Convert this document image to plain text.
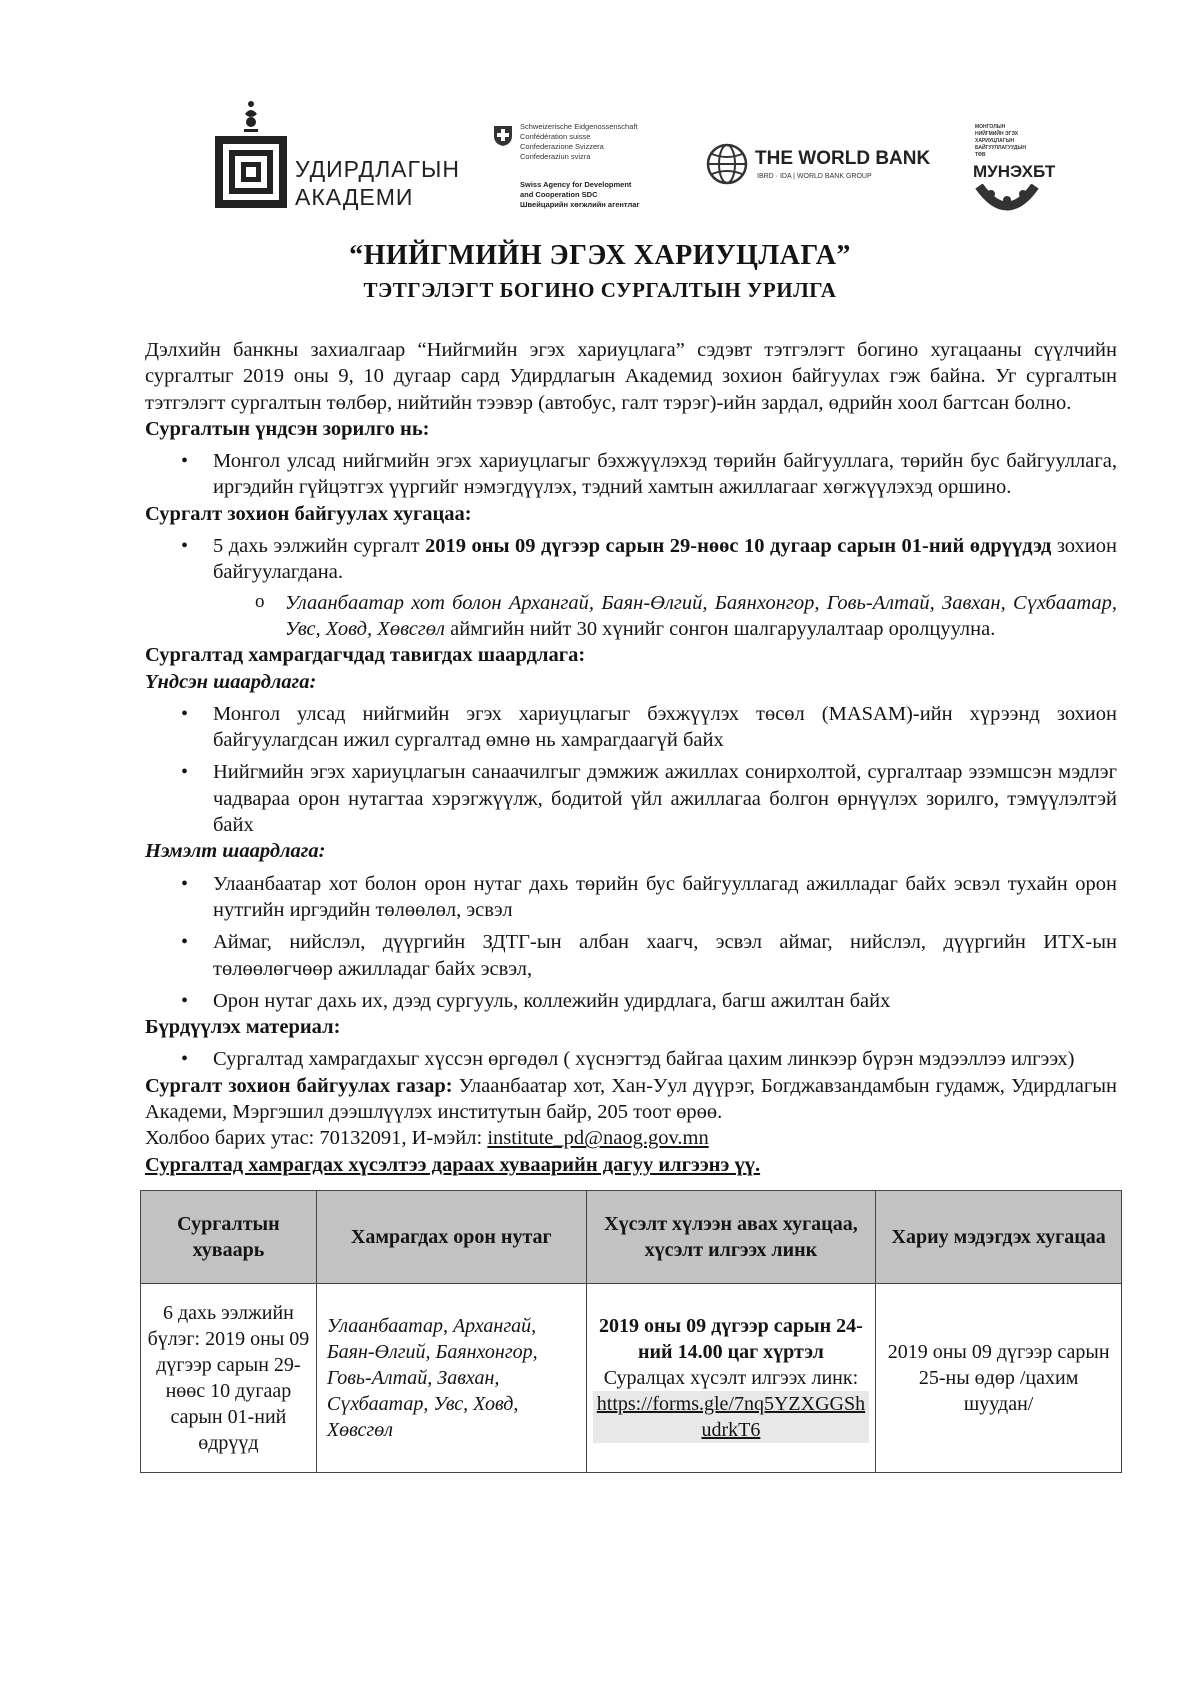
УДИРДЛАГЫН
АКАДЕМИ
Schweizerische Eidgenossenschaft
Confédération suisse
Confederazione Svizzera
Confederaziun svizra
Swiss Agency for Development
and Cooperation SDC
Швейцарийн хөгжлийн агентлаг
THE WORLD BANK
IBRD · IDA | WORLD BANK GROUP
МОНГОЛЫН
НИЙГМИЙН ЭГЭХ
ХАРИУЦЛАГЫН
БАЙГУУЛЛАГУУДЫН
ТӨВ
МУНЭХБТ
“НИЙГМИЙН ЭГЭХ ХАРИУЦЛАГА”
ТЭТГЭЛЭГТ БОГИНО СУРГАЛТЫН УРИЛГА

Дэлхийн банкны захиалгаар “Нийгмийн эгэх хариуцлага” сэдэвт тэтгэлэгт богино хугацааны сүүлчийн сургалтыг 2019 оны 9, 10 дугаар сард Удирдлагын Академид зохион байгуулах гэж байна. Уг сургалтын тэтгэлэгт сургалтын төлбөр, нийтийн тээвэр (автобус, галт тэрэг)-ийн зардал, өдрийн хоол багтсан болно.

Сургалтын үндсэн зорилго нь:

• Монгол улсад нийгмийн эгэх хариуцлагыг бэхжүүлэхэд төрийн байгууллага, төрийн бус байгууллага, иргэдийн гүйцэтгэх үүргийг нэмэгдүүлэх, тэдний хамтын ажиллагааг хөгжүүлэхэд оршино.

Сургалт зохион байгуулах хугацаа:

• 5 дахь ээлжийн сургалт 2019 оны 09 дүгээр сарын 29-нөөс 10 дугаар сарын 01-ний өдрүүдэд зохион байгуулагдана.
o Улаанбаатар хот болон Архангай, Баян-Өлгий, Баянхонгор, Говь-Алтай, Завхан, Сүхбаатар, Увс, Ховд, Хөвсгөл аймгийн нийт 30 хүнийг сонгон шалгаруулалтаар оролцуулна.

Сургалтад хамрагдагчдад тавигдах шаардлага:

Үндсэн шаардлага:

• Монгол улсад нийгмийн эгэх хариуцлагыг бэхжүүлэх төсөл (MASAM)-ийн хүрээнд зохион байгуулагдсан ижил сургалтад өмнө нь хамрагдаагүй байх
• Нийгмийн эгэх хариуцлагын санаачилгыг дэмжиж ажиллах сонирхолтой, сургалтаар эзэмшсэн мэдлэг чадвараа орон нутагтаа хэрэгжүүлж, бодитой үйл ажиллагаа болгон өрнүүлэх зорилго, тэмүүлэлтэй байх

Нэмэлт шаардлага:

• Улаанбаатар хот болон орон нутаг дахь төрийн бус байгууллагад ажилладаг байх эсвэл тухайн орон нутгийн иргэдийн төлөөлөл, эсвэл
• Аймаг, нийслэл, дүүргийн ЗДТГ-ын албан хаагч, эсвэл аймаг, нийслэл, дүүргийн ИТХ-ын төлөөлөгчөөр ажилладаг байх эсвэл,
• Орон нутаг дахь их, дээд сургууль, коллежийн удирдлага, багш ажилтан байх

Бүрдүүлэх материал:

• Сургалтад хамрагдахыг хүссэн өргөдөл ( хүснэгтэд байгаа цахим линкээр бүрэн мэдээллээ илгээх)

Сургалт зохион байгуулах газар: Улаанбаатар хот, Хан-Уул дүүрэг, Богджавзандамбын гудамж, Удирдлагын Академи, Мэргэшил дээшлүүлэх институтын байр, 205 тоот өрөө.

Холбоо барих утас: 70132091, И-мэйл: institute_pd@naog.gov.mn

Сургалтад хамрагдах хүсэлтээ дараах хуваарийн дагуу илгээнэ үү.

Сургалтын хуваарь	Хамрагдах орон нутаг	Хүсэлт хүлээн авах хугацаа, хүсэлт илгээх линк	Хариу мэдэгдэх хугацаа
6 дахь ээлжийн бүлэг: 2019 оны 09 дүгээр сарын 29-нөөс 10 дугаар сарын 01-ний өдрүүд	Улаанбаатар, Архангай, Баян-Өлгий, Баянхонгор, Говь-Алтай, Завхан, Сүхбаатар, Увс, Ховд, Хөвсгөл	2019 оны 09 дүгээр сарын 24-ний 14.00 цаг хүртэл
Суралцах хүсэлт илгээх линк:
https://forms.gle/7nq5YZXGGShudrkT6	2019 оны 09 дүгээр сарын 25-ны өдөр /цахим шуудан/
